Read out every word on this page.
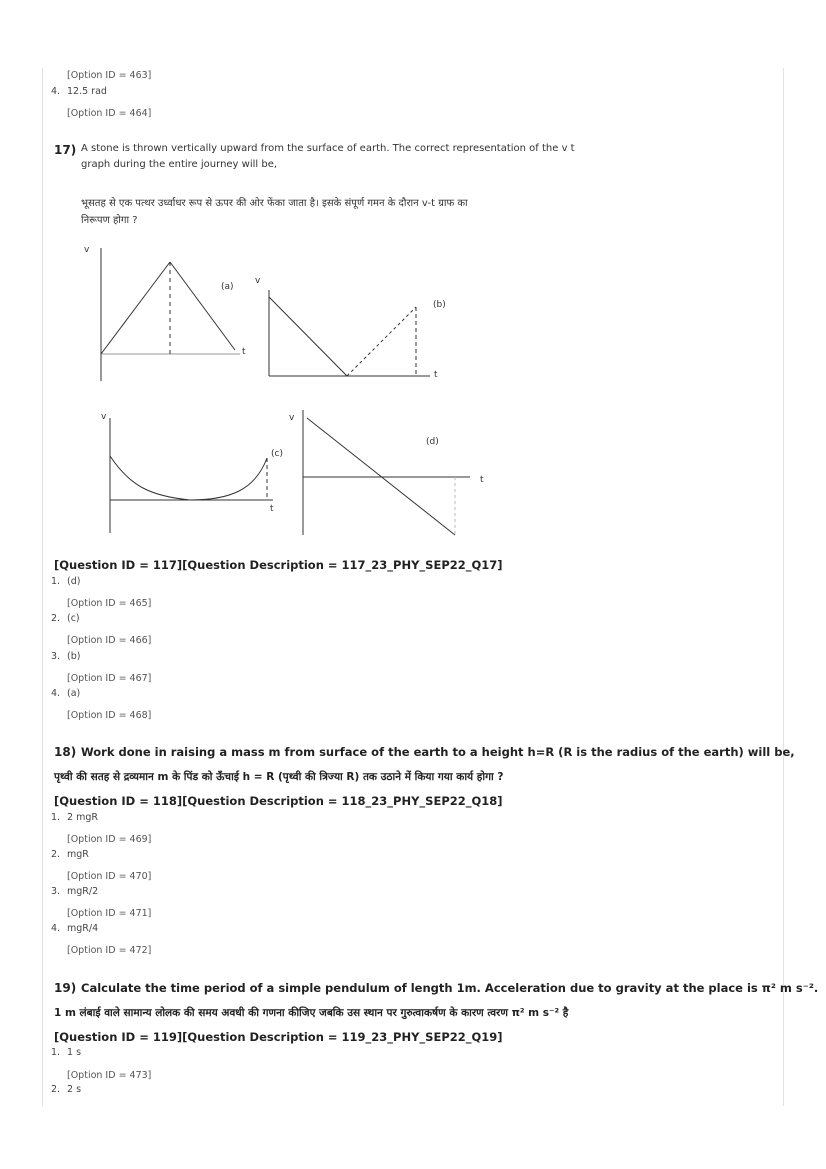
[Option ID = 463]
4. 12.5 rad
[Option ID = 464]
17) A stone is thrown vertically upward from the surface of earth. The correct representation of the v t
graph during the entire journey will be,
भूसतह से एक पत्थर उर्ध्वाधर रूप से ऊपर की ओर फेंका जाता है। इसके संपूर्ण गमन के दौरान v-t ग्राफ का
निरूपण होगा ?
v
(a)
t
v
(b)
t
v
(c)
t
v
(d)
t
[Question ID = 117][Question Description = 117_23_PHY_SEP22_Q17]
1. (d)
[Option ID = 465]
2. (c)
[Option ID = 466]
3. (b)
[Option ID = 467]
4. (a)
[Option ID = 468]
18) Work done in raising a mass m from surface of the earth to a height h=R (R is the radius of the earth) will be,
पृथ्वी की सतह से द्रव्यमान m के पिंड को ऊँचाई h = R (पृथ्वी की त्रिज्या R) तक उठाने में किया गया कार्य होगा ?
[Question ID = 118][Question Description = 118_23_PHY_SEP22_Q18]
1. 2 mgR
[Option ID = 469]
2. mgR
[Option ID = 470]
3. mgR/2
[Option ID = 471]
4. mgR/4
[Option ID = 472]
19) Calculate the time period of a simple pendulum of length 1m. Acceleration due to gravity at the place is π² m s⁻².
1 m लंबाई वाले सामान्य लोलक की समय अवधी की गणना कीजिए जबकि उस स्थान पर गुरुत्वाकर्षण के कारण त्वरण π² m s⁻² है
[Question ID = 119][Question Description = 119_23_PHY_SEP22_Q19]
1. 1 s
[Option ID = 473]
2. 2 s
